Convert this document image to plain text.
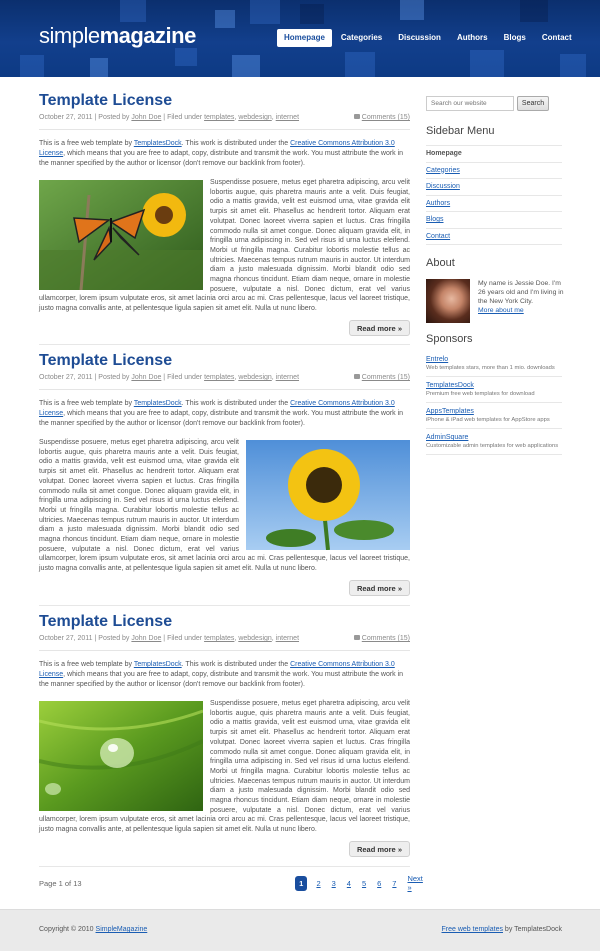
simplemagazine	Homepage	Categories	Discussion	Authors	Blogs	Contact
Template License
October 27, 2011 | Posted by John Doe | Filed under templates, webdesign, internet	Comments (15)
This is a free web template by TemplatesDock. This work is distributed under the Creative Commons Attribution 3.0 License, which means that you are free to adapt, copy, distribute and transmit the work. You must attribute the work in the manner specified by the author or licensor (don't remove our backlink from footer).
Suspendisse posuere, metus eget pharetra adipiscing, arcu velit lobortis augue, quis pharetra mauris ante a velit. Duis feugiat, odio a mattis gravida, velit est euismod urna, vitae gravida elit turpis sit amet elit. Phasellus ac hendrerit tortor. Aliquam erat volutpat. Donec laoreet viverra sapien et luctus. Cras fringilla commodo nulla sit amet congue. Donec aliquam gravida elit, in fringilla urna adipiscing in. Sed vel risus id urna luctus eleifend. Morbi ut fringilla magna. Curabitur lobortis molestie tellus ac ultricies. Maecenas tempus rutrum mauris in auctor. Ut interdum diam a justo malesuada dignissim. Morbi blandit odio sed magna rhoncus tincidunt. Etiam diam neque, ornare in molestie posuere, vulputate a nisl. Donec dictum, erat vel varius ullamcorper, lorem ipsum vulputate eros, sit amet lacinia orci arcu ac mi. Cras pellentesque, lacus vel laoreet tristique, justo magna convallis ante, at pellentesque ligula sapien sit amet elit. Nulla ut nunc libero.
Read more »
Template License
October 27, 2011 | Posted by John Doe | Filed under templates, webdesign, internet	Comments (15)
This is a free web template by TemplatesDock. This work is distributed under the Creative Commons Attribution 3.0 License, which means that you are free to adapt, copy, distribute and transmit the work. You must attribute the work in the manner specified by the author or licensor (don't remove our backlink from footer).
Suspendisse posuere, metus eget pharetra adipiscing, arcu velit lobortis augue, quis pharetra mauris ante a velit. Duis feugiat, odio a mattis gravida, velit est euismod urna, vitae gravida elit turpis sit amet elit. Phasellus ac hendrerit tortor. Aliquam erat volutpat. Donec laoreet viverra sapien et luctus. Cras fringilla commodo nulla sit amet congue. Donec aliquam gravida elit, in fringilla urna adipiscing in. Sed vel risus id urna luctus eleifend. Morbi ut fringilla magna. Curabitur lobortis molestie tellus ac ultricies. Maecenas tempus rutrum mauris in auctor. Ut interdum diam a justo malesuada dignissim. Morbi blandit odio sed magna rhoncus tincidunt. Etiam diam neque, ornare in molestie posuere, vulputate a nisl. Donec dictum, erat vel varius ullamcorper, lorem ipsum vulputate eros, sit amet lacinia orci arcu ac mi. Cras pellentesque, lacus vel laoreet tristique, justo magna convallis ante, at pellentesque ligula sapien sit amet elit. Nulla ut nunc libero.
Read more »
Template License
October 27, 2011 | Posted by John Doe | Filed under templates, webdesign, internet	Comments (15)
This is a free web template by TemplatesDock. This work is distributed under the Creative Commons Attribution 3.0 License, which means that you are free to adapt, copy, distribute and transmit the work. You must attribute the work in the manner specified by the author or licensor (don't remove our backlink from footer).
Suspendisse posuere, metus eget pharetra adipiscing, arcu velit lobortis augue, quis pharetra mauris ante a velit. Duis feugiat, odio a mattis gravida, velit est euismod urna, vitae gravida elit turpis sit amet elit. Phasellus ac hendrerit tortor. Aliquam erat volutpat. Donec laoreet viverra sapien et luctus. Cras fringilla commodo nulla sit amet congue. Donec aliquam gravida elit, in fringilla urna adipiscing in. Sed vel risus id urna luctus eleifend. Morbi ut fringilla magna. Curabitur lobortis molestie tellus ac ultricies. Maecenas tempus rutrum mauris in auctor. Ut interdum diam a justo malesuada dignissim. Morbi blandit odio sed magna rhoncus tincidunt. Etiam diam neque, ornare in molestie posuere, vulputate a nisl. Donec dictum, erat vel varius ullamcorper, lorem ipsum vulputate eros, sit amet lacinia orci arcu ac mi. Cras pellentesque, lacus vel laoreet tristique, justo magna convallis ante, at pellentesque ligula sapien sit amet elit. Nulla ut nunc libero.
Read more »
Page 1 of 13	1	2 3 4 5 6 7 Next »
Search our website
Search
Sidebar Menu
Homepage
Categories
Discussion
Authors
Blogs
Contact
About
My name is Jessie Doe. I'm 26 years old and I'm living in the New York City.
More about me
Sponsors
Entrelo
Web templates stars, more than 1 mio. downloads
TemplatesDock
Premium free web templates for download
AppsTemplates
iPhone & iPad web templates for AppStore apps
AdminSquare
Customizable admin templates for web applications
Copyright © 2010 SimpleMagazine	Free web templates by TemplatesDock
